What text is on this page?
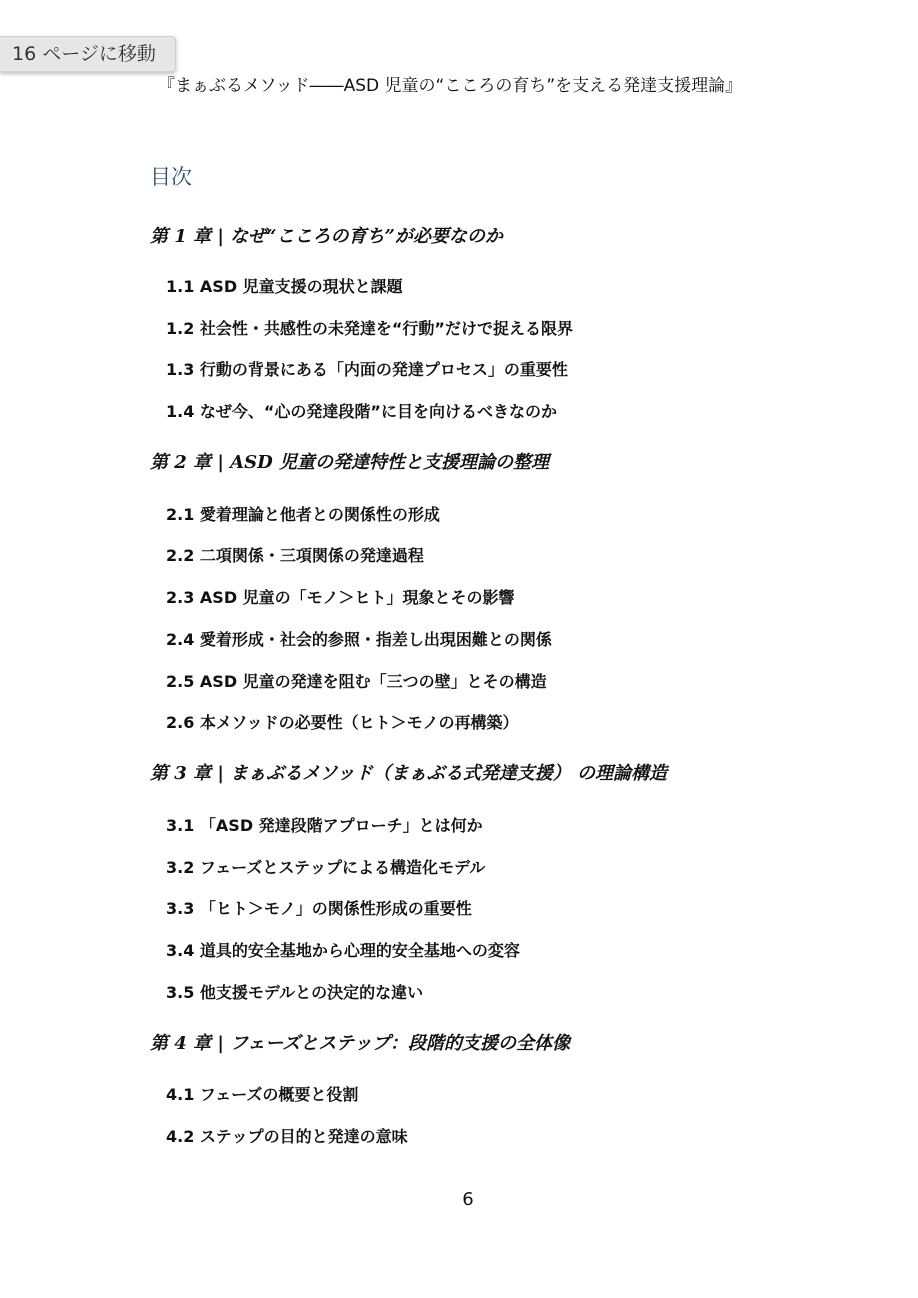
16 ページに移動
『まぁぶるメソッド――ASD 児童の“こころの育ち”を支える発達支援理論』
目次
第 1 章 | なぜ“こころの育ち”が必要なのか
1.1 ASD 児童支援の現状と課題
1.2 社会性・共感性の未発達を“行動”だけで捉える限界
1.3 行動の背景にある「内面の発達プロセス」の重要性
1.4 なぜ今、“心の発達段階”に目を向けるべきなのか
第 2 章 | ASD 児童の発達特性と支援理論の整理
2.1 愛着理論と他者との関係性の形成
2.2 二項関係・三項関係の発達過程
2.3 ASD 児童の「モノ＞ヒト」現象とその影響
2.4 愛着形成・社会的参照・指差し出現困難との関係
2.5 ASD 児童の発達を阻む「三つの壁」とその構造
2.6 本メソッドの必要性（ヒト＞モノの再構築）
第 3 章 | まぁぶるメソッド（まぁぶる式発達支援） の理論構造
3.1 「ASD 発達段階アプローチ」とは何か
3.2 フェーズとステップによる構造化モデル
3.3 「ヒト＞モノ」の関係性形成の重要性
3.4 道具的安全基地から心理的安全基地への変容
3.5 他支援モデルとの決定的な違い
第 4 章 | フェーズとステップ：段階的支援の全体像
4.1 フェーズの概要と役割
4.2 ステップの目的と発達の意味
6
